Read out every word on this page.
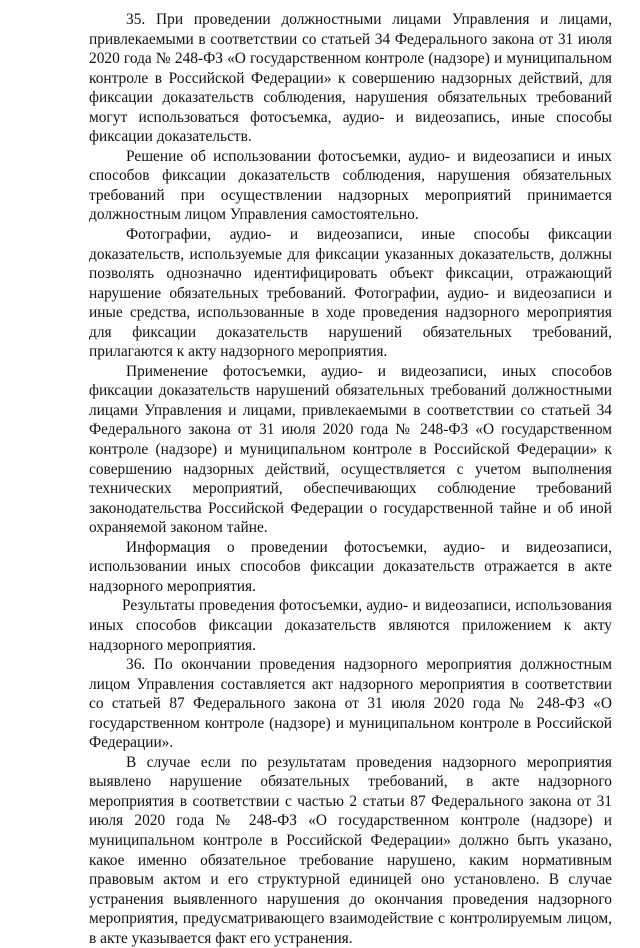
35. При проведении должностными лицами Управления и лицами, привлекаемыми в соответствии со статьей 34 Федерального закона от 31 июля 2020 года № 248-ФЗ «О государственном контроле (надзоре) и муниципальном контроле в Российской Федерации» к совершению надзорных действий, для фиксации доказательств соблюдения, нарушения обязательных требований могут использоваться фотосъемка, аудио- и видеозапись, иные способы фиксации доказательств.

Решение об использовании фотосъемки, аудио- и видеозаписи и иных способов фиксации доказательств соблюдения, нарушения обязательных требований при осуществлении надзорных мероприятий принимается должностным лицом Управления самостоятельно.

Фотографии, аудио- и видеозаписи, иные способы фиксации доказательств, используемые для фиксации указанных доказательств, должны позволять однозначно идентифицировать объект фиксации, отражающий нарушение обязательных требований. Фотографии, аудио- и видеозаписи и иные средства, использованные в ходе проведения надзорного мероприятия для фиксации доказательств нарушений обязательных требований, прилагаются к акту надзорного мероприятия.

Применение фотосъемки, аудио- и видеозаписи, иных способов фиксации доказательств нарушений обязательных требований должностными лицами Управления и лицами, привлекаемыми в соответствии со статьей 34 Федерального закона от 31 июля 2020 года № 248-ФЗ «О государственном контроле (надзоре) и муниципальном контроле в Российской Федерации» к совершению надзорных действий, осуществляется с учетом выполнения технических мероприятий, обеспечивающих соблюдение требований законодательства Российской Федерации о государственной тайне и об иной охраняемой законом тайне.

Информация о проведении фотосъемки, аудио- и видеозаписи, использовании иных способов фиксации доказательств отражается в акте надзорного мероприятия.

Результаты проведения фотосъемки, аудио- и видеозаписи, использования иных способов фиксации доказательств являются приложением к акту надзорного мероприятия.

36. По окончании проведения надзорного мероприятия должностным лицом Управления составляется акт надзорного мероприятия в соответствии со статьей 87 Федерального закона от 31 июля 2020 года № 248-ФЗ «О государственном контроле (надзоре) и муниципальном контроле в Российской Федерации».

В случае если по результатам проведения надзорного мероприятия выявлено нарушение обязательных требований, в акте надзорного мероприятия в соответствии с частью 2 статьи 87 Федерального закона от 31 июля 2020 года № 248-ФЗ «О государственном контроле (надзоре) и муниципальном контроле в Российской Федерации» должно быть указано, какое именно обязательное требование нарушено, каким нормативным правовым актом и его структурной единицей оно установлено. В случае устранения выявленного нарушения до окончания проведения надзорного мероприятия, предусматривающего взаимодействие с контролируемым лицом, в акте указывается факт его устранения.
